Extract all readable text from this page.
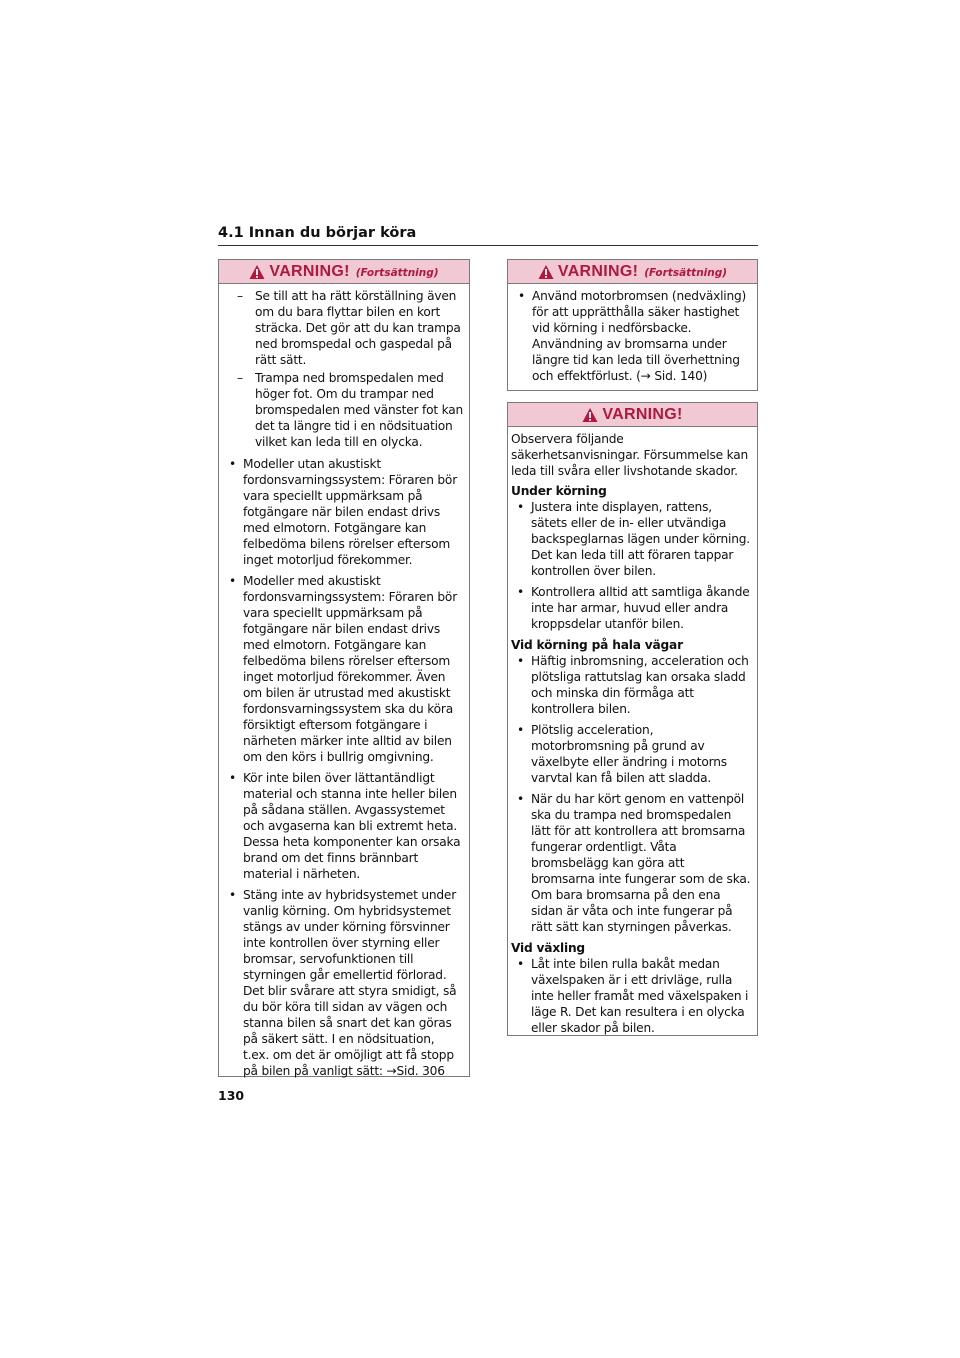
4.1 Innan du börjar köra
VARNING! (Fortsättning)
– Se till att ha rätt körställning även om du bara flyttar bilen en kort sträcka. Det gör att du kan trampa ned bromspedal och gaspedal på rätt sätt.
– Trampa ned bromspedalen med höger fot. Om du trampar ned bromspedalen med vänster fot kan det ta längre tid i en nödsituation vilket kan leda till en olycka.
• Modeller utan akustiskt fordonsvarningssystem: Föraren bör vara speciellt uppmärksam på fotgängare när bilen endast drivs med elmotorn. Fotgängare kan felbedöma bilens rörelser eftersom inget motorljud förekommer.
• Modeller med akustiskt fordonsvarningssystem: Föraren bör vara speciellt uppmärksam på fotgängare när bilen endast drivs med elmotorn. Fotgängare kan felbedöma bilens rörelser eftersom inget motorljud förekommer. Även om bilen är utrustad med akustiskt fordonsvarningssystem ska du köra försiktigt eftersom fotgängare i närheten märker inte alltid av bilen om den körs i bullrig omgivning.
• Kör inte bilen över lättantändligt material och stanna inte heller bilen på sådana ställen. Avgassystemet och avgaserna kan bli extremt heta. Dessa heta komponenter kan orsaka brand om det finns brännbart material i närheten.
• Stäng inte av hybridsystemet under vanlig körning. Om hybridsystemet stängs av under körning försvinner inte kontrollen över styrning eller bromsar, servofunktionen till styrningen går emellertid förlorad. Det blir svårare att styra smidigt, så du bör köra till sidan av vägen och stanna bilen så snart det kan göras på säkert sätt. I en nödsituation, t.ex. om det är omöjligt att få stopp på bilen på vanligt sätt: →Sid. 306
VARNING! (Fortsättning)
• Använd motorbromsen (nedväxling) för att upprätthålla säker hastighet vid körning i nedförsbacke. Användning av bromsarna under längre tid kan leda till överhettning och effektförlust. (→ Sid. 140)
VARNING!

Observera följande säkerhetsanvisningar. Försummelse kan leda till svåra eller livshotande skador.

Under körning
• Justera inte displayen, rattens, sätets eller de in- eller utvändiga backspeglarnas lägen under körning. Det kan leda till att föraren tappar kontrollen över bilen.
• Kontrollera alltid att samtliga åkande inte har armar, huvud eller andra kroppsdelar utanför bilen.
Vid körning på hala vägar
• Häftig inbromsning, acceleration och plötsliga rattutslag kan orsaka sladd och minska din förmåga att kontrollera bilen.
• Plötslig acceleration, motorbromsning på grund av växelbyte eller ändring i motorns varvtal kan få bilen att sladda.
• När du har kört genom en vattenpöl ska du trampa ned bromspedalen lätt för att kontrollera att bromsarna fungerar ordentligt. Våta bromsbelägg kan göra att bromsarna inte fungerar som de ska. Om bara bromsarna på den ena sidan är våta och inte fungerar på rätt sätt kan styrningen påverkas.
Vid växling
• Låt inte bilen rulla bakåt medan växelspaken är i ett drivläge, rulla inte heller framåt med växelspaken i läge R. Det kan resultera i en olycka eller skador på bilen.
130
